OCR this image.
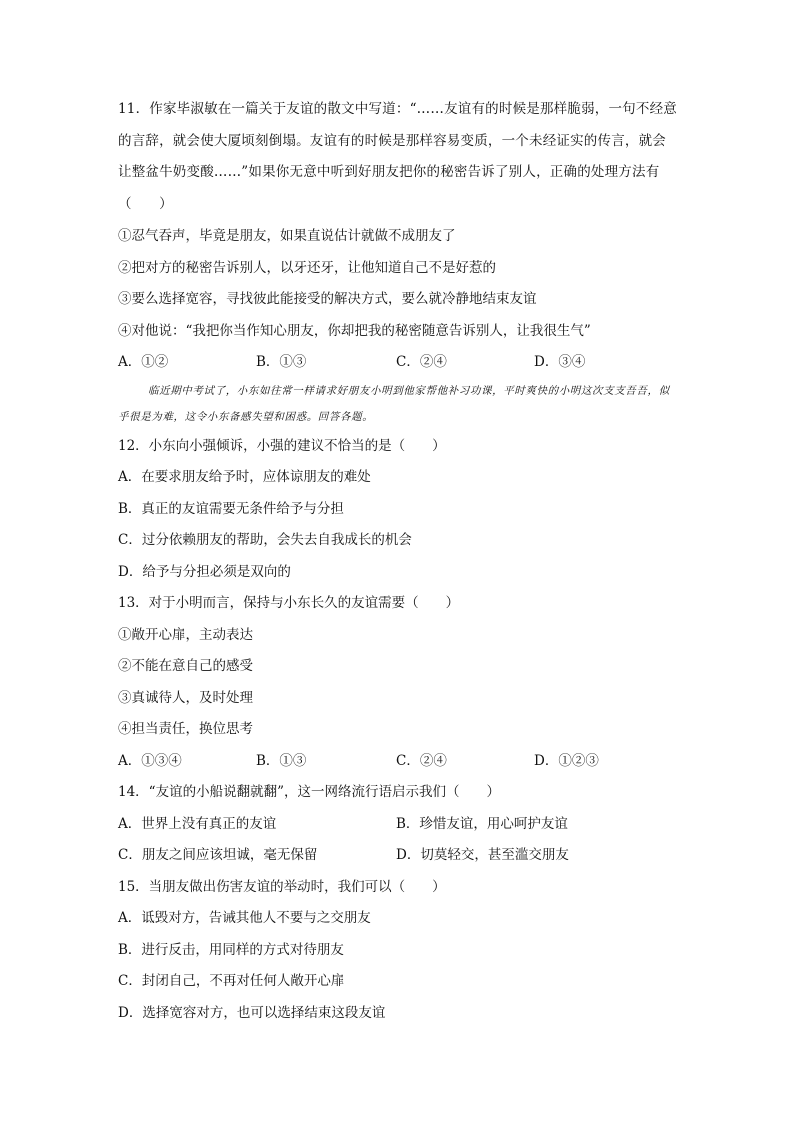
11．作家毕淑敏在一篇关于友谊的散文中写道：“……友谊有的时候是那样脆弱，一句不经意的言辞，就会使大厦顷刻倒塌。友谊有的时候是那样容易变质，一个未经证实的传言，就会让整盆牛奶变酸……”如果你无意中听到好朋友把你的秘密告诉了别人，正确的处理方法有（　　）
①忍气吞声，毕竟是朋友，如果直说估计就做不成朋友了
②把对方的秘密告诉别人，以牙还牙，让他知道自己不是好惹的
③要么选择宽容，寻找彼此能接受的解决方式，要么就冷静地结束友谊
④对他说：“我把你当作知心朋友，你却把我的秘密随意告诉别人，让我很生气”
A．①②	B．①③	C．②④	D．③④
临近期中考试了，小东如往常一样请求好朋友小明到他家帮他补习功课，平时爽快的小明这次支支吾吾，似乎很是为难，这令小东备感失望和困惑。回答各题。
12．小东向小强倾诉，小强的建议不恰当的是（　　）
A．在要求朋友给予时，应体谅朋友的难处
B．真正的友谊需要无条件给予与分担
C．过分依赖朋友的帮助，会失去自我成长的机会
D．给予与分担必须是双向的
13．对于小明而言，保持与小东长久的友谊需要（　　）
①敞开心扉，主动表达
②不能在意自己的感受
③真诚待人，及时处理
④担当责任，换位思考
A．①③④	B．①③	C．②④	D．①②③
14．“友谊的小船说翻就翻”，这一网络流行语启示我们（　　）
A．世界上没有真正的友谊	B．珍惜友谊，用心呵护友谊
C．朋友之间应该坦诚，毫无保留	D．切莫轻交，甚至滥交朋友
15．当朋友做出伤害友谊的举动时，我们可以（　　）
A．诋毁对方，告诫其他人不要与之交朋友
B．进行反击，用同样的方式对待朋友
C．封闭自己，不再对任何人敞开心扉
D．选择宽容对方，也可以选择结束这段友谊
